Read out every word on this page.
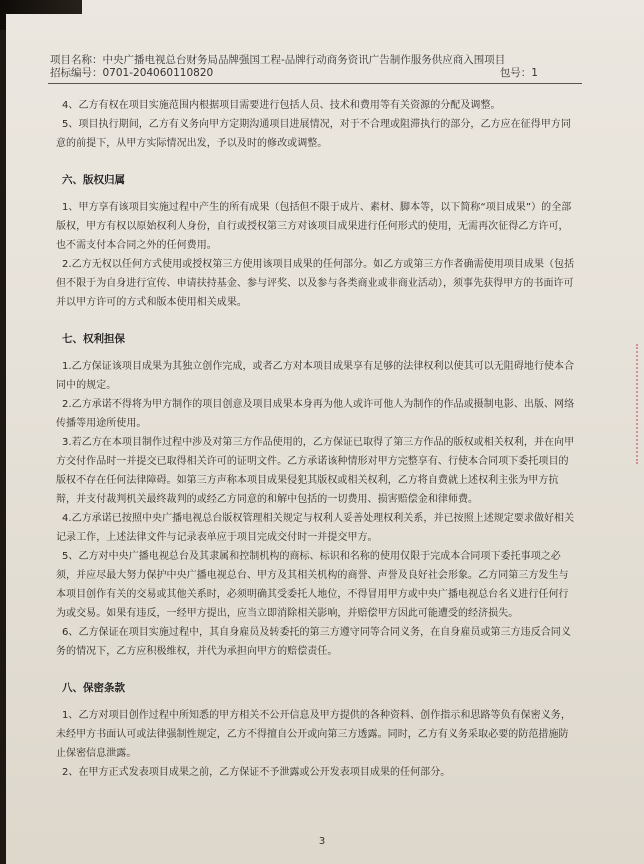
项目名称：中央广播电视总台财务局品牌强国工程-品牌行动商务资讯广告制作服务供应商入围项目
招标编号：0701-204060110820	包号：1

4、乙方有权在项目实施范围内根据项目需要进行包括人员、技术和费用等有关资源的分配及调整。

5、项目执行期间，乙方有义务向甲方定期沟通项目进展情况，对于不合理或阻滞执行的部分，乙方应在征得甲方同意的前提下，从甲方实际情况出发，予以及时的修改或调整。

六、版权归属

1、甲方享有该项目实施过程中产生的所有成果（包括但不限于成片、素材、脚本等，以下简称“项目成果”）的全部版权，甲方有权以原始权利人身份，自行或授权第三方对该项目成果进行任何形式的使用，无需再次征得乙方许可，也不需支付本合同之外的任何费用。

2.乙方无权以任何方式使用或授权第三方使用该项目成果的任何部分。如乙方或第三方作者确需使用项目成果（包括但不限于为自身进行宣传、申请扶持基金、参与评奖、以及参与各类商业或非商业活动），须事先获得甲方的书面许可并以甲方许可的方式和版本使用相关成果。

七、权利担保

1.乙方保证该项目成果为其独立创作完成，或者乙方对本项目成果享有足够的法律权利以使其可以无阻碍地行使本合同中的规定。

2.乙方承诺不得将为甲方制作的项目创意及项目成果本身再为他人或许可他人为制作的作品或摄制电影、出版、网络传播等用途所使用。

3.若乙方在本项目制作过程中涉及对第三方作品使用的，乙方保证已取得了第三方作品的版权或相关权利，并在向甲方交付作品时一并提交已取得相关许可的证明文件。乙方承诺该种情形对甲方完整享有、行使本合同项下委托项目的版权不存在任何法律障碍。如第三方声称本项目成果侵犯其版权或相关权利，乙方将自费就上述权利主张为甲方抗辩，并支付裁判机关最终裁判的或经乙方同意的和解中包括的一切费用、损害赔偿金和律师费。

4.乙方承诺已按照中央广播电视总台版权管理相关规定与权利人妥善处理权利关系，并已按照上述规定要求做好相关记录工作，上述法律文件与记录表单应于项目完成交付时一并提交甲方。

5、乙方对中央广播电视总台及其隶属和控制机构的商标、标识和名称的使用仅限于完成本合同项下委托事项之必须，并应尽最大努力保护中央广播电视总台、甲方及其相关机构的商誉、声誉及良好社会形象。乙方同第三方发生与本项目创作有关的交易或其他关系时，必须明确其受委托人地位，不得冒用甲方或中央广播电视总台名义进行任何行为或交易。如果有违反，一经甲方提出，应当立即消除相关影响，并赔偿甲方因此可能遭受的经济损失。

6、乙方保证在项目实施过程中，其自身雇员及转委托的第三方遵守同等合同义务，在自身雇员或第三方违反合同义务的情况下，乙方应积极维权，并代为承担向甲方的赔偿责任。

八、保密条款

1、乙方对项目创作过程中所知悉的甲方相关不公开信息及甲方提供的各种资料、创作指示和思路等负有保密义务，未经甲方书面认可或法律强制性规定，乙方不得擅自公开或向第三方透露。同时，乙方有义务采取必要的防范措施防止保密信息泄露。

2、在甲方正式发表项目成果之前，乙方保证不予泄露或公开发表项目成果的任何部分。

3
